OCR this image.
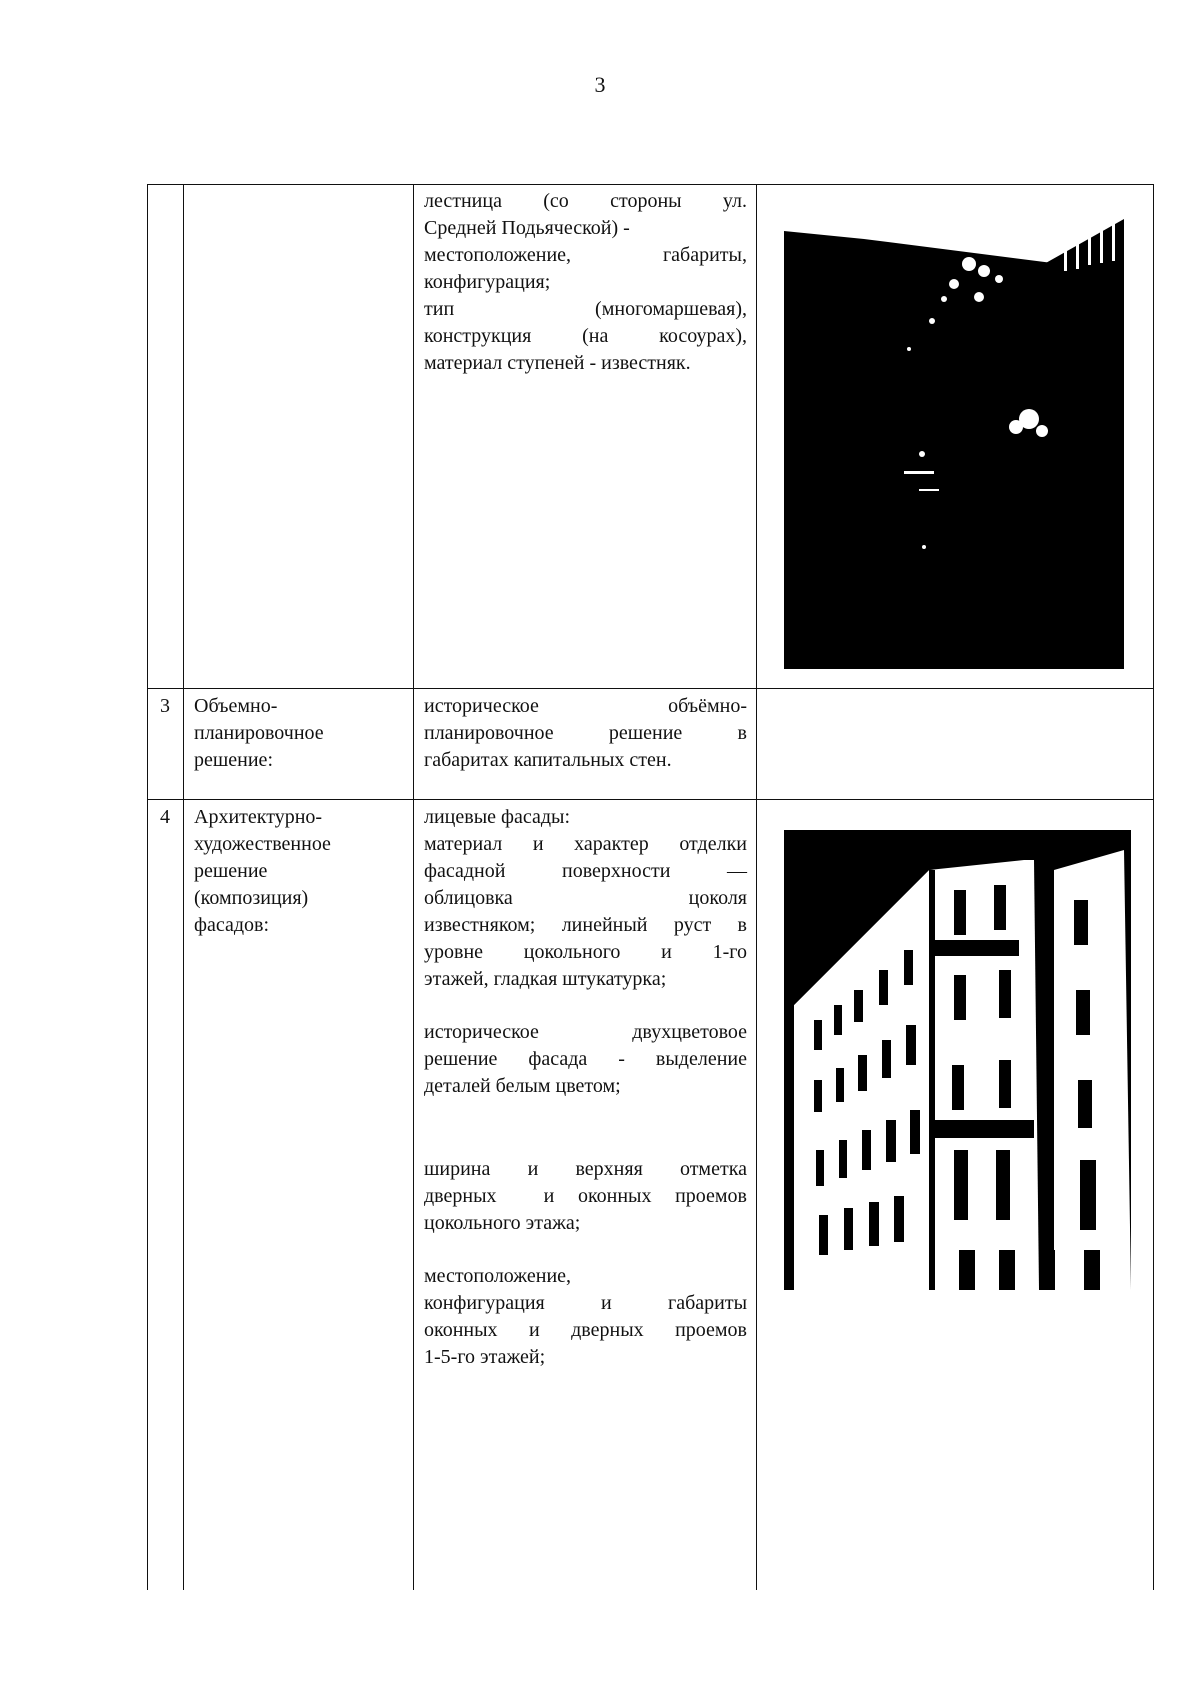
3
лестница (со стороны ул.
Средней Подьяческой) -
местоположение, габариты,
конфигурация;
тип (многомаршевая),
конструкция (на косоурах),
материал ступеней - известняк.
3	Объемно-
планировочное
решение:
историческое объёмно-
планировочное решение в
габаритах капитальных стен.
4	Архитектурно-
художественное
решение
(композиция)
фасадов:
лицевые фасады:
материал и характер отделки
фасадной поверхности —
облицовка цоколя
известняком; линейный руст в
уровне цокольного и 1-го
этажей, гладкая штукатурка;
историческое двухцветовое
решение фасада - выделение
деталей белым цветом;
ширина и верхняя отметка
дверных  и оконных проемов
цокольного этажа;
местоположение,
конфигурация и габариты
оконных и дверных проемов
1-5-го этажей;
